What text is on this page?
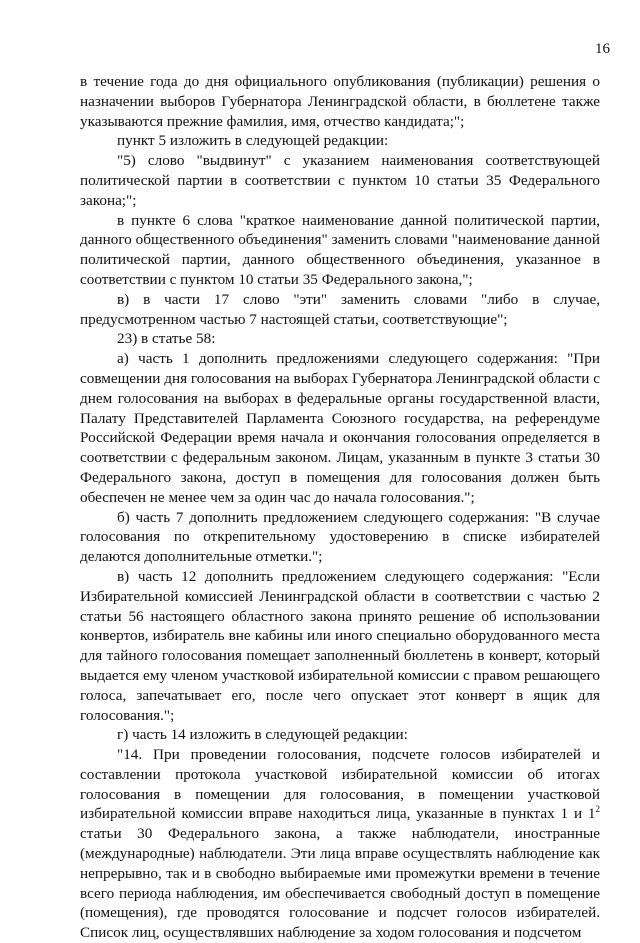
16

в течение года до дня официального опубликования (публикации) решения о назначении выборов Губернатора Ленинградской области, в бюллетене также указываются прежние фамилия, имя, отчество кандидата;";

пункт 5 изложить в следующей редакции:

"5) слово "выдвинут" с указанием наименования соответствующей политической партии в соответствии с пунктом 10 статьи 35 Федерального закона;";

в пункте 6 слова "краткое наименование данной политической партии, данного общественного объединения" заменить словами "наименование данной политической партии, данного общественного объединения, указанное в соответствии с пунктом 10 статьи 35 Федерального закона,";

в) в части 17 слово "эти" заменить словами "либо в случае, предусмотренном частью 7 настоящей статьи, соответствующие";

23) в статье 58:

а) часть 1 дополнить предложениями следующего содержания: "При совмещении дня голосования на выборах Губернатора Ленинградской области с днем голосования на выборах в федеральные органы государственной власти, Палату Представителей Парламента Союзного государства, на референдуме Российской Федерации время начала и окончания голосования определяется в соответствии с федеральным законом. Лицам, указанным в пункте 3 статьи 30 Федерального закона, доступ в помещения для голосования должен быть обеспечен не менее чем за один час до начала голосования.";

б) часть 7 дополнить предложением следующего содержания: "В случае голосования по открепительному удостоверению в списке избирателей делаются дополнительные отметки.";

в) часть 12 дополнить предложением следующего содержания: "Если Избирательной комиссией Ленинградской области в соответствии с частью 2 статьи 56 настоящего областного закона принято решение об использовании конвертов, избиратель вне кабины или иного специально оборудованного места для тайного голосования помещает заполненный бюллетень в конверт, который выдается ему членом участковой избирательной комиссии с правом решающего голоса, запечатывает его, после чего опускает этот конверт в ящик для голосования.";

г) часть 14 изложить в следующей редакции:

"14. При проведении голосования, подсчете голосов избирателей и составлении протокола участковой избирательной комиссии об итогах голосования в помещении для голосования, в помещении участковой избирательной комиссии вправе находиться лица, указанные в пунктах 1 и $1^2$ статьи 30 Федерального закона, а также наблюдатели, иностранные (международные) наблюдатели. Эти лица вправе осуществлять наблюдение как непрерывно, так и в свободно выбираемые ими промежутки времени в течение всего периода наблюдения, им обеспечивается свободный доступ в помещение (помещения), где проводятся голосование и подсчет голосов избирателей. Список лиц, осуществлявших наблюдение за ходом голосования и подсчетом
